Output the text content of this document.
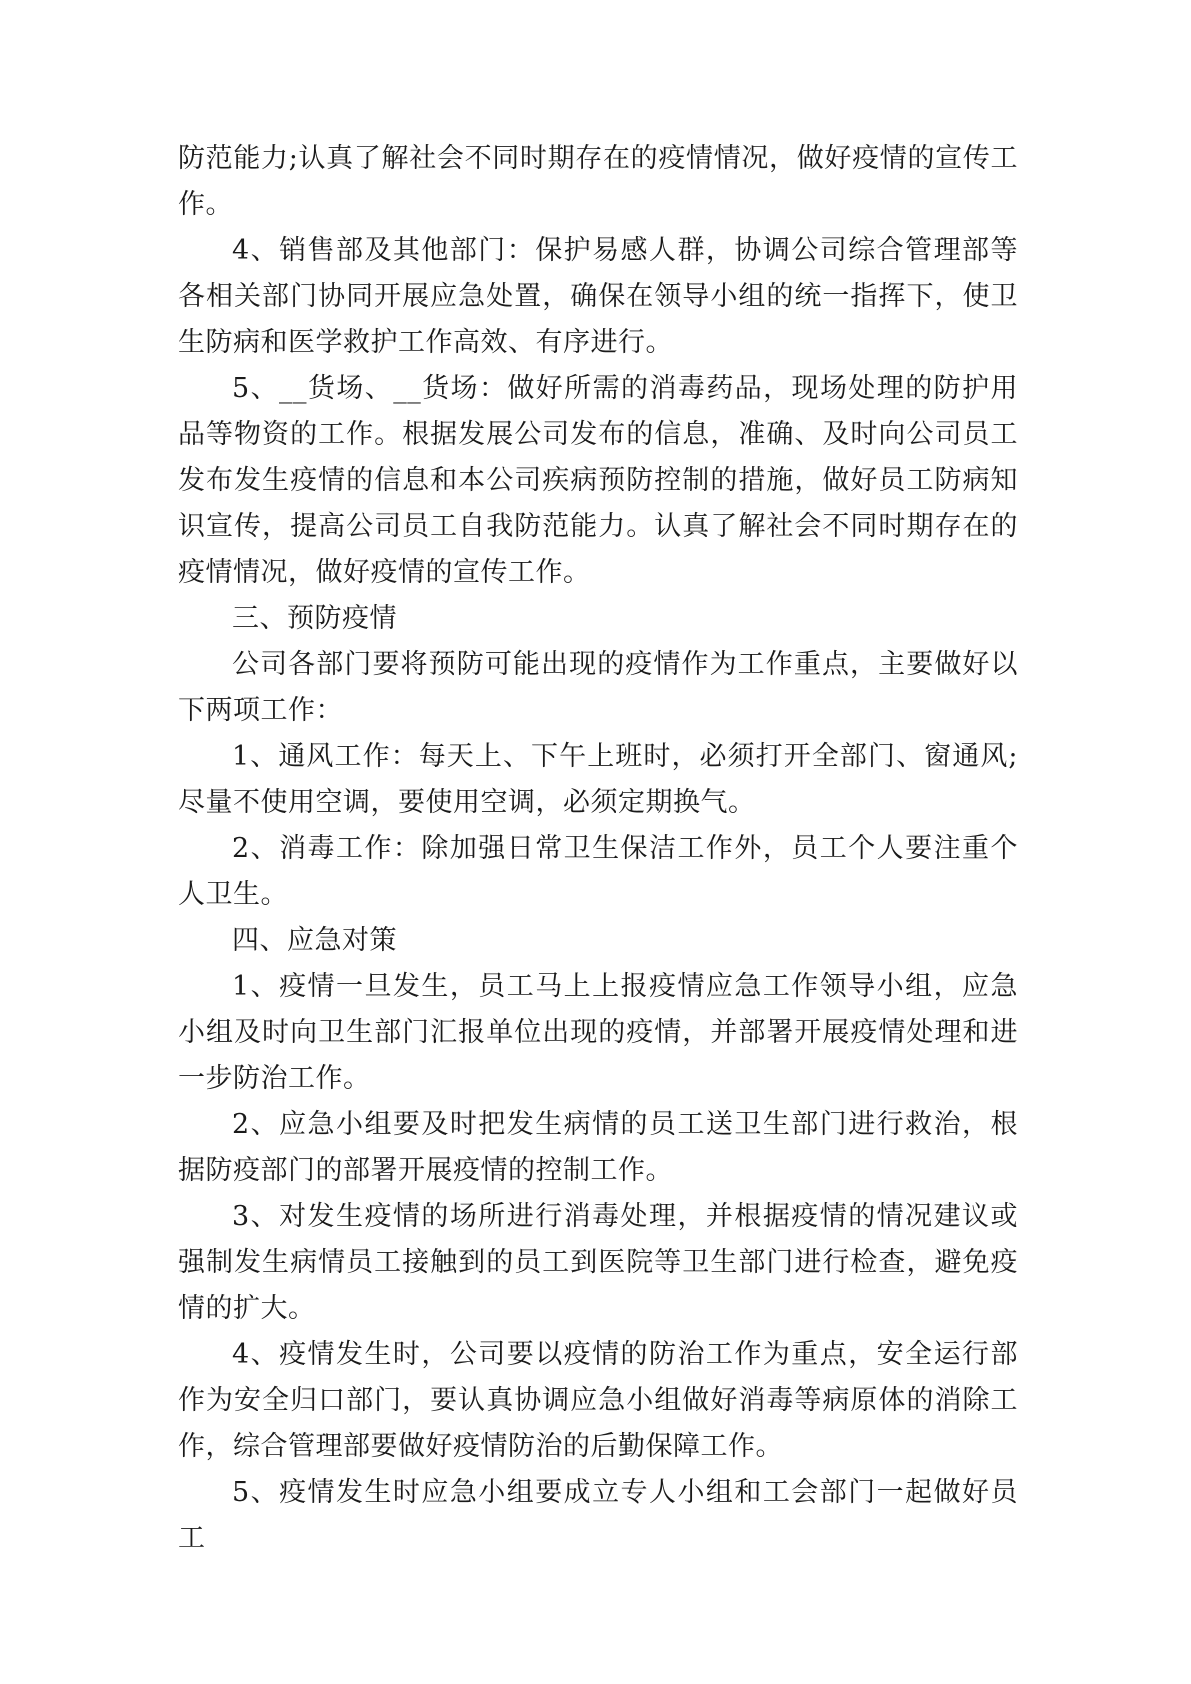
防范能力;认真了解社会不同时期存在的疫情情况，做好疫情的宣传工作。

4、销售部及其他部门：保护易感人群，协调公司综合管理部等各相关部门协同开展应急处置，确保在领导小组的统一指挥下，使卫生防病和医学救护工作高效、有序进行。

5、__货场、__货场：做好所需的消毒药品，现场处理的防护用品等物资的工作。根据发展公司发布的信息，准确、及时向公司员工发布发生疫情的信息和本公司疾病预防控制的措施，做好员工防病知识宣传，提高公司员工自我防范能力。认真了解社会不同时期存在的疫情情况，做好疫情的宣传工作。

三、预防疫情

公司各部门要将预防可能出现的疫情作为工作重点，主要做好以下两项工作：

1、通风工作：每天上、下午上班时，必须打开全部门、窗通风;尽量不使用空调，要使用空调，必须定期换气。

2、消毒工作：除加强日常卫生保洁工作外，员工个人要注重个人卫生。

四、应急对策

1、疫情一旦发生，员工马上上报疫情应急工作领导小组，应急小组及时向卫生部门汇报单位出现的疫情，并部署开展疫情处理和进一步防治工作。

2、应急小组要及时把发生病情的员工送卫生部门进行救治，根据防疫部门的部署开展疫情的控制工作。

3、对发生疫情的场所进行消毒处理，并根据疫情的情况建议或强制发生病情员工接触到的员工到医院等卫生部门进行检查，避免疫情的扩大。

4、疫情发生时，公司要以疫情的防治工作为重点，安全运行部作为安全归口部门，要认真协调应急小组做好消毒等病原体的消除工作，综合管理部要做好疫情防治的后勤保障工作。

5、疫情发生时应急小组要成立专人小组和工会部门一起做好员工
